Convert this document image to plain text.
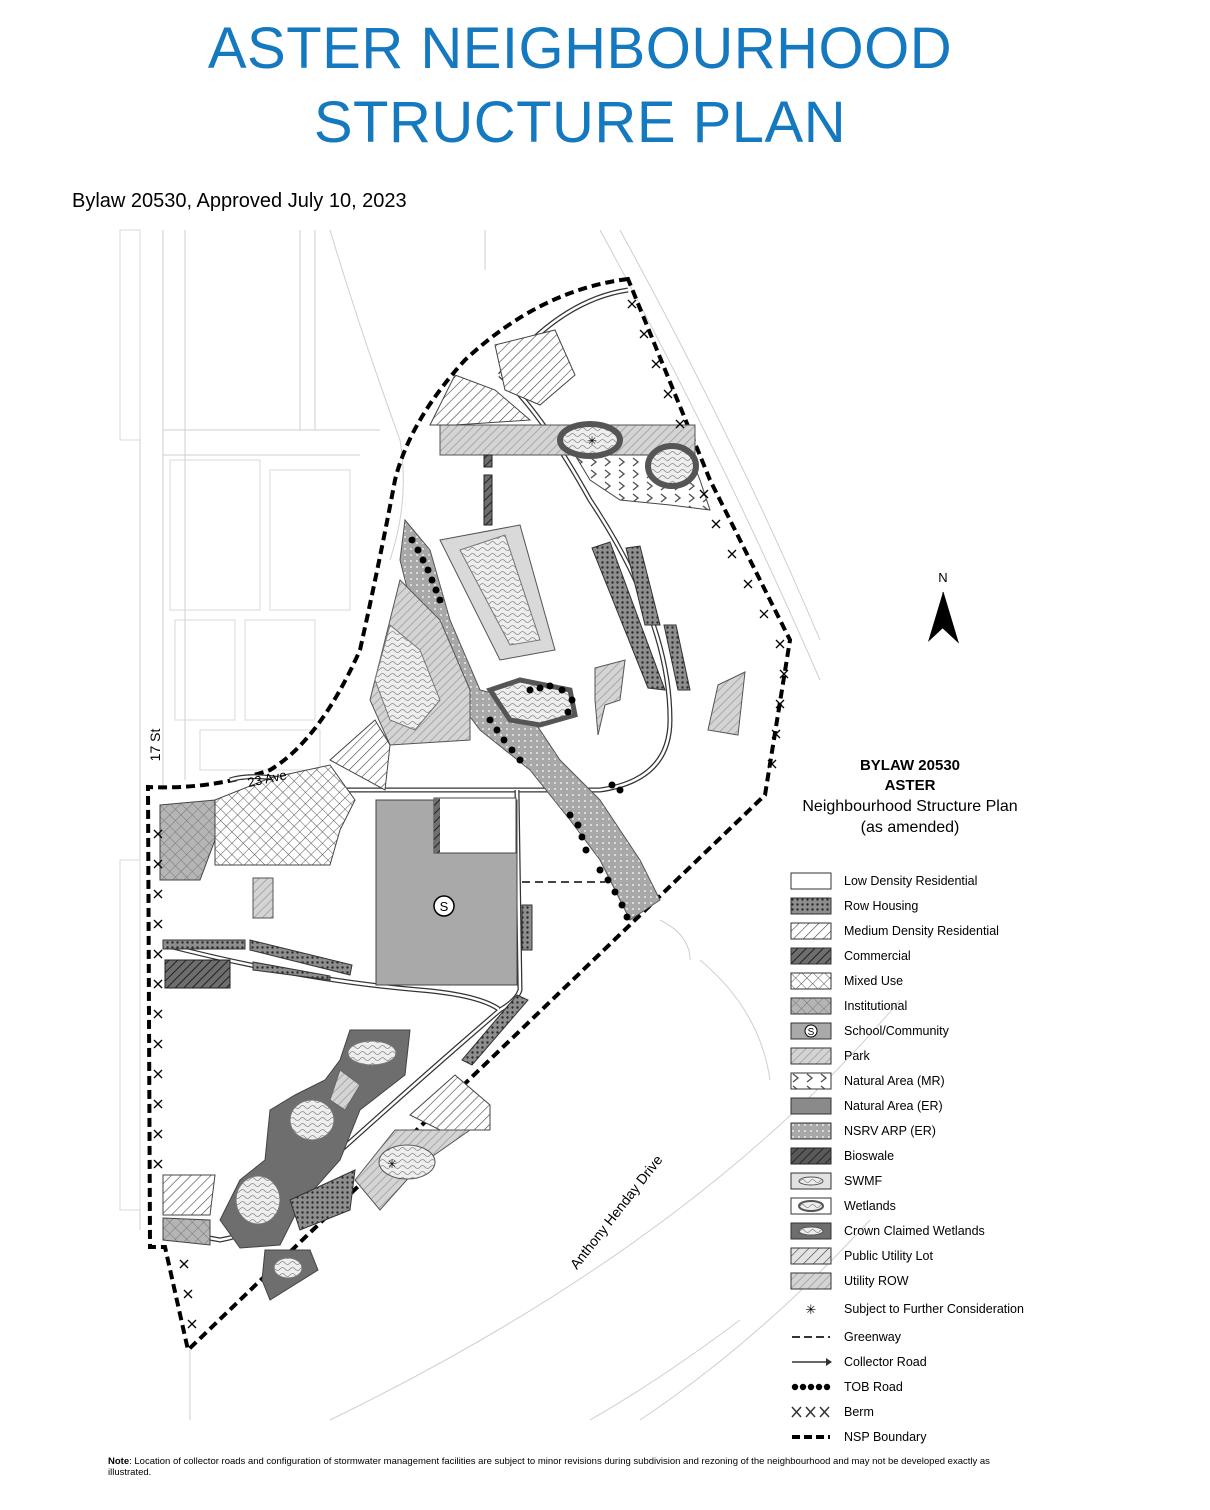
ASTER NEIGHBOURHOOD
STRUCTURE PLAN
Bylaw 20530, Approved July 10, 2023
17 St
23 Ave
Anthony Henday Drive
S
✳
✳
N
BYLAW 20530
ASTER
Neighbourhood Structure Plan
(as amended)
Low Density Residential
Row Housing
Medium Density Residential
Commercial
Mixed Use
Institutional
S School/Community
Park
Natural Area (MR)
Natural Area (ER)
NSRV ARP (ER)
Bioswale
SWMF
Wetlands
Crown Claimed Wetlands
Public Utility Lot
Utility ROW
✳ Subject to Further Consideration
Greenway
Collector Road
TOB Road
Berm
NSP Boundary
Note: Location of collector roads and configuration of stormwater management facilities are subject to minor revisions during subdivision and rezoning of the neighbourhood and may not be developed exactly as illustrated.
